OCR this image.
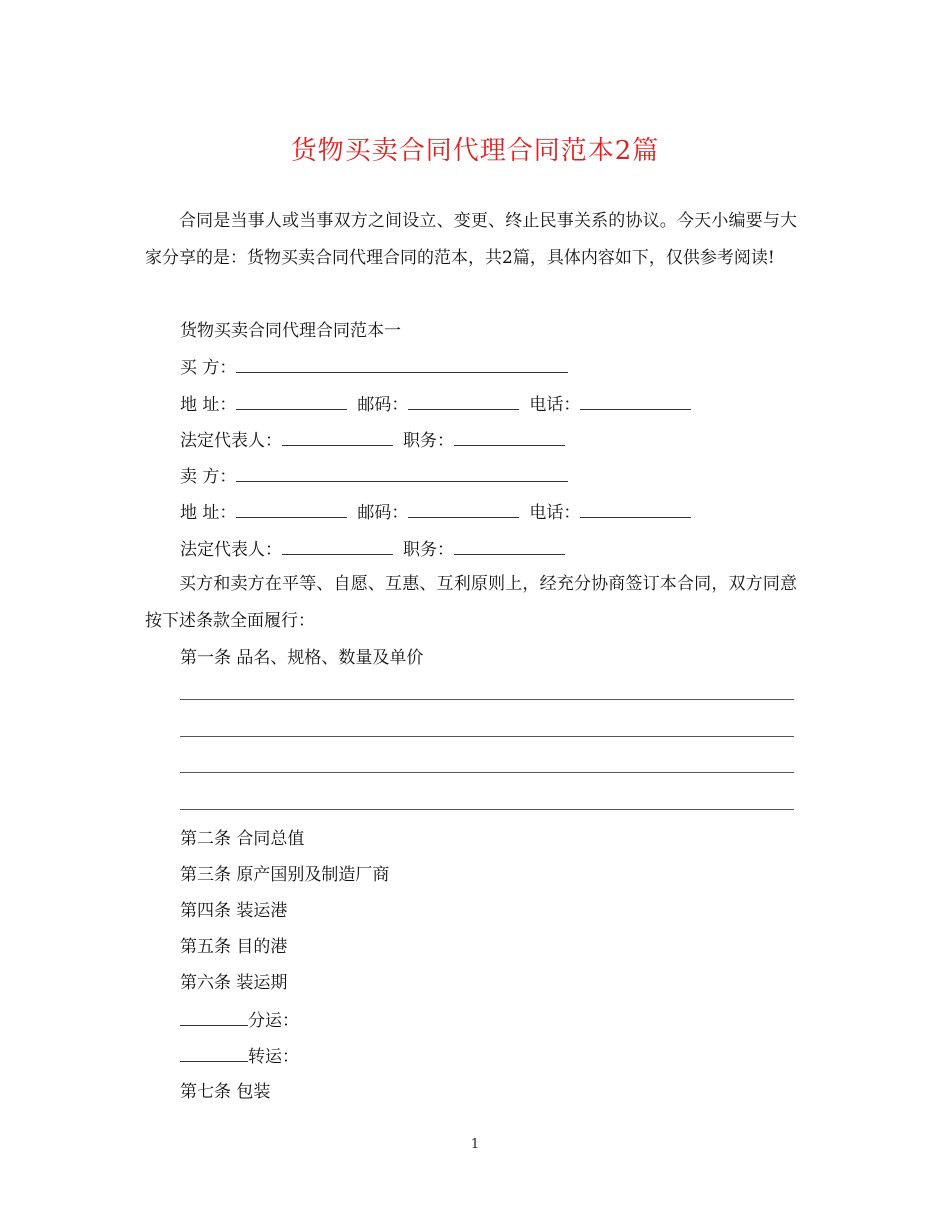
货物买卖合同代理合同范本2篇

合同是当事人或当事双方之间设立、变更、终止民事关系的协议。今天小编要与大家分享的是：货物买卖合同代理合同的范本，共2篇，具体内容如下，仅供参考阅读!

货物买卖合同代理合同范本一
买 方：
地 址：	邮码：	电话：
法定代表人：	职务：
卖 方：
地 址：	邮码：	电话：
法定代表人：	职务：

买方和卖方在平等、自愿、互惠、互利原则上，经充分协商签订本合同，双方同意按下述条款全面履行：

第一条 品名、规格、数量及单价
第二条 合同总值
第三条 原产国别及制造厂商
第四条 装运港
第五条 目的港
第六条 装运期
分运：
转运：
第七条 包装
1
